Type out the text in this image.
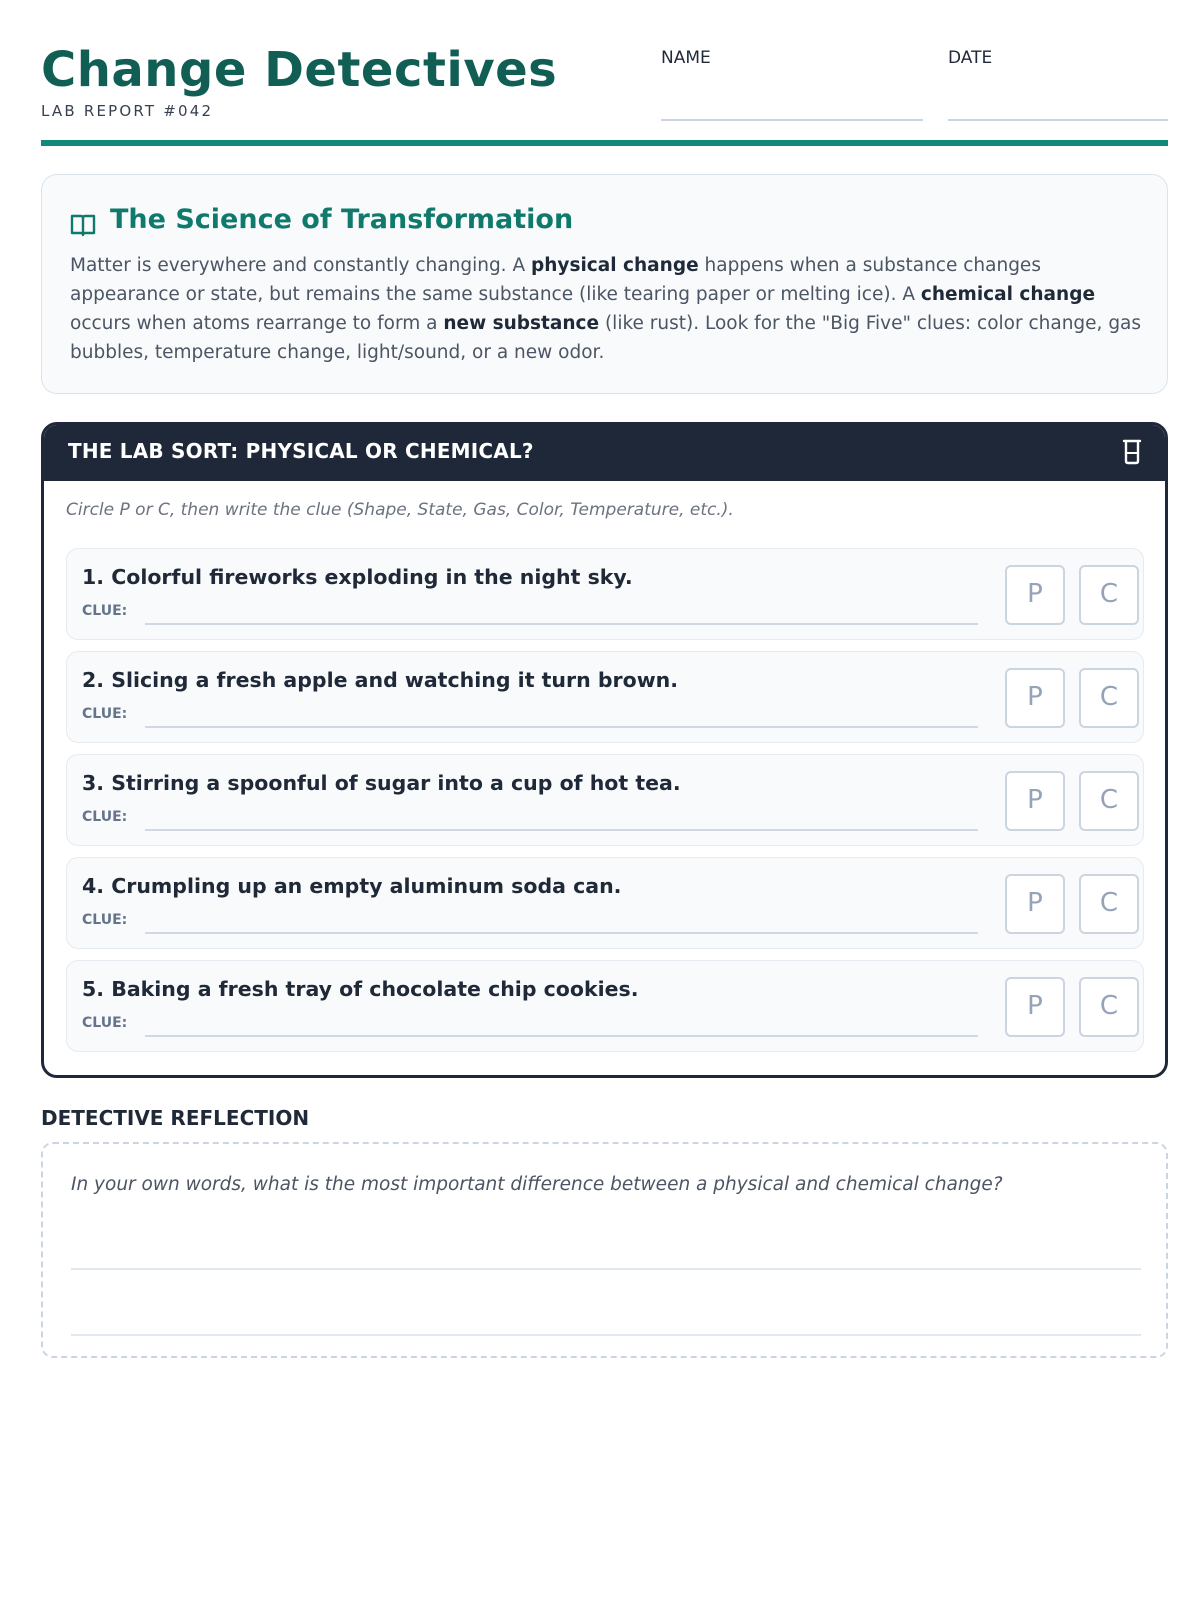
Change Detectives
LAB REPORT #042
NAME	DATE
The Science of Transformation
Matter is everywhere and constantly changing. A physical change happens when a substance changes appearance or state, but remains the same substance (like tearing paper or melting ice). A chemical change occurs when atoms rearrange to form a new substance (like rust). Look for the "Big Five" clues: color change, gas bubbles, temperature change, light/sound, or a new odor.
THE LAB SORT: PHYSICAL OR CHEMICAL?
Circle P or C, then write the clue (Shape, State, Gas, Color, Temperature, etc.).
1. Colorful fireworks exploding in the night sky.
CLUE:
P	C
2. Slicing a fresh apple and watching it turn brown.
CLUE:
P	C
3. Stirring a spoonful of sugar into a cup of hot tea.
CLUE:
P	C
4. Crumpling up an empty aluminum soda can.
CLUE:
P	C
5. Baking a fresh tray of chocolate chip cookies.
CLUE:
P	C
DETECTIVE REFLECTION
In your own words, what is the most important difference between a physical and chemical change?
